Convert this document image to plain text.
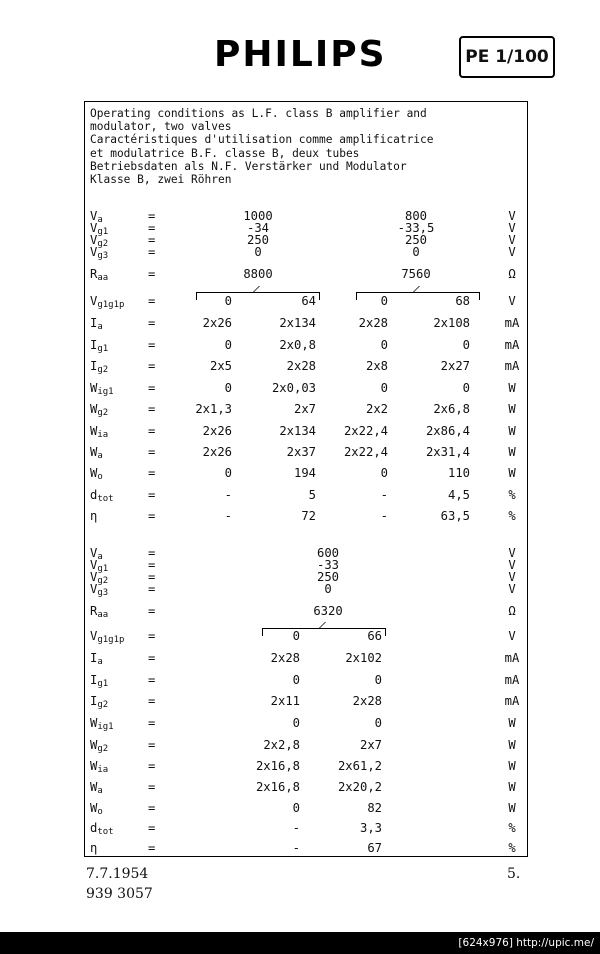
PHILIPS	PE 1/100
Operating conditions as L.F. class B amplifier and
modulator, two valves
Caractéristiques d'utilisation comme amplificatrice
et modulatrice B.F. classe B, deux tubes
Betriebsdaten als N.F. Verstärker und Modulator
Klasse B, zwei Röhren
$V_a$	=	1000	800	V
$V_{g1}$	=	-34	-33,5	V
$V_{g2}$	=	250	250	V
$V_{g3}$	=	0	0	V
$R_{aa}$	=	8800	7560	Ω
$V_{g1g1p}$	=	0	64	0	68	V
$I_a$	=	2x26	2x134	2x28	2x108	mA
$I_{g1}$	=	0	2x0,8	0	0	mA
$I_{g2}$	=	2x5	2x28	2x8	2x27	mA
$W_{ig1}$	=	0	2x0,03	0	0	W
$W_{g2}$	=	2x1,3	2x7	2x2	2x6,8	W
$W_{ia}$	=	2x26	2x134	2x22,4	2x86,4	W
$W_a$	=	2x26	2x37	2x22,4	2x31,4	W
$W_o$	=	0	194	0	110	W
$d_{tot}$	=	-	5	-	4,5	%
η	=	-	72	-	63,5	%
$V_a$	=	600	V
$V_{g1}$	=	-33	V
$V_{g2}$	=	250	V
$V_{g3}$	=	0	V
$R_{aa}$	=	6320	Ω
$V_{g1g1p}$	=	0	66	V
$I_a$	=	2x28	2x102	mA
$I_{g1}$	=	0	0	mA
$I_{g2}$	=	2x11	2x28	mA
$W_{ig1}$	=	0	0	W
$W_{g2}$	=	2x2,8	2x7	W
$W_{ia}$	=	2x16,8	2x61,2	W
$W_a$	=	2x16,8	2x20,2	W
$W_o$	=	0	82	W
$d_{tot}$	=	-	3,3	%
η	=	-	67	%
7.7.1954
939 3057
5.
[624x976] http://upic.me/
